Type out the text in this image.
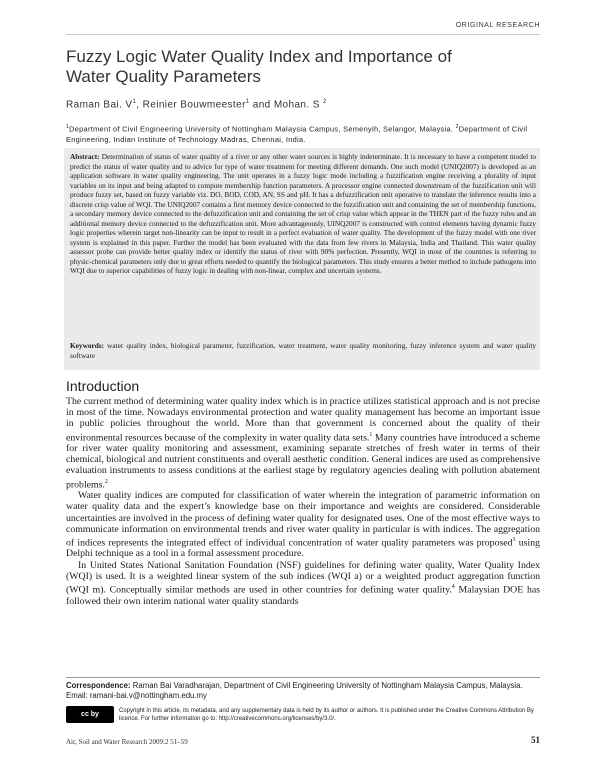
ORIGINAL RESEARCH
Fuzzy Logic Water Quality Index and Importance of Water Quality Parameters
Raman Bai. $V^1$, Reinier Bouwmeester$^1$ and Mohan. S $^2$
$^1$Department of Civil Engineering University of Nottingham Malaysia Campus, Semenyih, Selangor, Malaysia. $^2$Department of Civil Engineering, Indian Institute of Technology Madras, Chennai, India.
Abstract: Determination of status of water quality of a river or any other water sources is highly indeterminate. It is necessary to have a competent model to predict the status of water quality and to advice for type of water treatment for meeting different demands. One such model (UNIQ2007) is developed as an application software in water quality engineering. The unit operates in a fuzzy logic mode including a fuzzification engine receiving a plurality of input variables on its input and being adapted to compute membership function parameters. A processor engine connected downstream of the fuzzification unit will produce fuzzy set, based on fuzzy variable viz. DO, BOD, COD, AN, SS and pH. It has a defuzzification unit operative to translate the inference results into a discrete crisp value of WQI. The UNIQ2007 contains a first memory device connected to the fuzzification unit and containing the set of membership functions, a secondary memory device connected to the defuzzification unit and containing the set of crisp value which appear in the THEN part of the fuzzy rules and an additional memory device connected to the defuzzification unit. More advantageously, UINQ2007 is constructed with control elements having dynamic fuzzy logic properties wherein target non-linearity can be input to result in a perfect evaluation of water quality. The development of the fuzzy model with one river system is explained in this paper. Further the model has been evaluated with the data from few rivers in Malaysia, India and Thailand. This water quality assessor probe can provide better quality index or identify the status of river with 90% perfection. Presently, WQI in most of the countries is referring to physic-chemical parameters only due to great efforts needed to quantify the biological parameters. This study ensures a better method to include pathogens into WQI due to superior capabilities of fuzzy logic in dealing with non-linear, complex and uncertain systems.
Keywords: water quality index, biological parameter, fuzzification, water treatment, water quality monitoring, fuzzy inference system and water quality software
Introduction

The current method of determining water quality index which is in practice utilizes statistical approach and is not precise in most of the time. Nowadays environmental protection and water quality management has become an important issue in public policies throughout the world. More than that government is concerned about the quality of their environmental resources because of the complexity in water quality data sets.$^1$ Many countries have introduced a scheme for river water quality monitoring and assessment, examining separate stretches of fresh water in terms of their chemical, biological and nutrient constituents and overall aesthetic condition. General indices are used as comprehensive evaluation instruments to assess conditions at the earliest stage by regulatory agencies dealing with pollution abatement problems.$^2$

Water quality indices are computed for classification of water wherein the integration of parametric information on water quality data and the expert’s knowledge base on their importance and weights are considered. Considerable uncertainties are involved in the process of defining water quality for designated uses. One of the most effective ways to communicate information on environmental trends and river water quality in particular is with indices. The aggregation of indices represents the integrated effect of individual concentration of water quality parameters was proposed$^3$ using Delphi technique as a tool in a formal assessment procedure.

In United States National Sanitation Foundation (NSF) guidelines for defining water quality, Water Quality Index (WQI) is used. It is a weighted linear system of the sub indices (WQI a) or a weighted product aggregation function (WQI m). Conceptually similar methods are used in other countries for defining water quality.$^4$ Malaysian DOE has followed their own interim national water quality standards

Correspondence: Raman Bai Varadharajan, Department of Civil Engineering University of Nottingham Malaysia Campus, Malaysia. Email: ramani-bai.v@nottingham.edu.my
cc by	Copyright in this article, its metadata, and any supplementary data is held by its author or authors. It is published under the Creative Commons Attribution By licence. For further information go to: http://creativecommons.org/licenses/by/3.0/.
Air, Soil and Water Research 2009:2 51–59	51
